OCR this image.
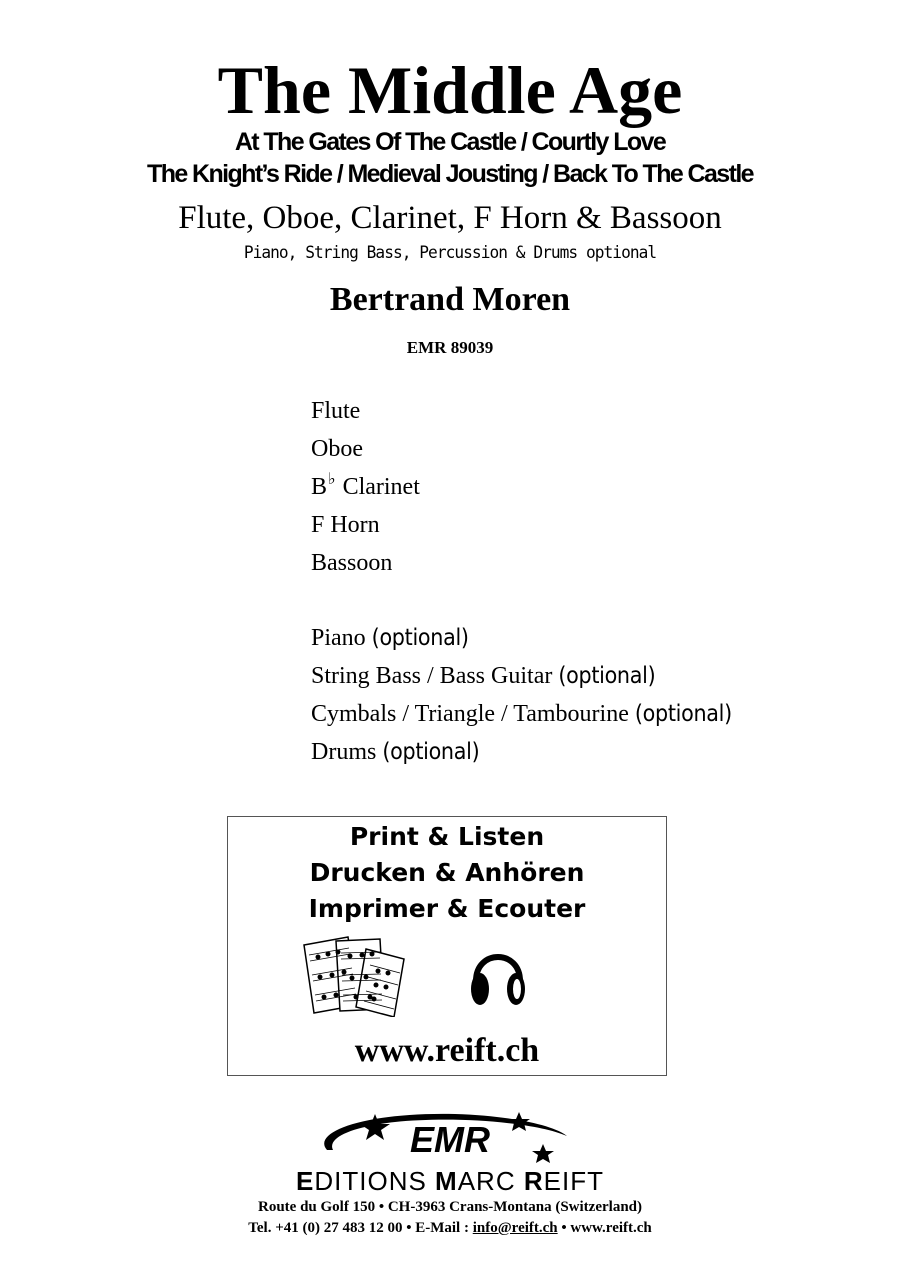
The Middle Age
At The Gates Of The Castle / Courtly Love
The Knight’s Ride / Medieval Jousting / Back To The Castle
Flute, Oboe, Clarinet, F Horn & Bassoon
Piano, String Bass, Percussion & Drums optional
Bertrand Moren
EMR 89039
Flute
Oboe
B♭ Clarinet
F Horn
Bassoon
Piano (optional)
String Bass / Bass Guitar (optional)
Cymbals / Triangle / Tambourine (optional)
Drums (optional)
Print & Listen
Drucken & Anhören
Imprimer & Ecouter
www.reift.ch
EMR
EDITIONS MARC REIFT
Route du Golf 150 • CH-3963 Crans-Montana (Switzerland)
Tel. +41 (0) 27 483 12 00 • E-Mail : info@reift.ch • www.reift.ch
